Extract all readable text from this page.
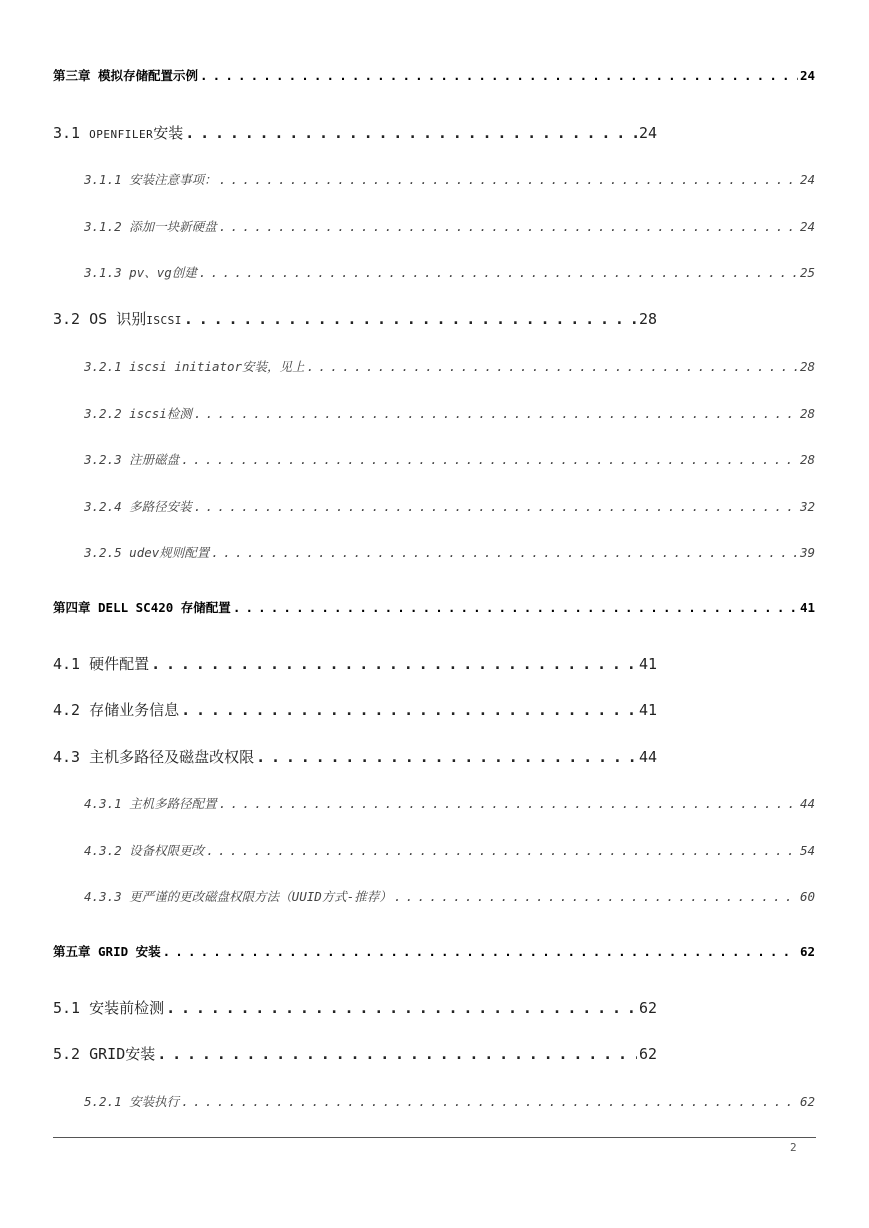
第三章 模拟存储配置示例 . . .	24
3.1 OPENFILER安装 . . .	24
3.1.1 安装注意事项： . . .	24
3.1.2 添加一块新硬盘 . . .	24
3.1.3 pv、vg创建 . . .	25
3.2 OS 识别ISCSI . . .	28
3.2.1 iscsi initiator安装，见上 . . .	28
3.2.2 iscsi检测 . . .	28
3.2.3 注册磁盘 . . .	28
3.2.4 多路径安装 . . .	32
3.2.5 udev规则配置 . . .	39
第四章 DELL SC420 存储配置 . . .	41
4.1 硬件配置 . . .	41
4.2 存储业务信息 . . .	41
4.3 主机多路径及磁盘改权限 . . .	44
4.3.1 主机多路径配置 . . .	44
4.3.2 设备权限更改 . . .	54
4.3.3 更严谨的更改磁盘权限方法（UUID方式-推荐） . . .	60
第五章 GRID 安装 . . .	62
5.1 安装前检测 . . .	62
5.2 GRID安装 . . .	62
5.2.1 安装执行 . . .	62
2
